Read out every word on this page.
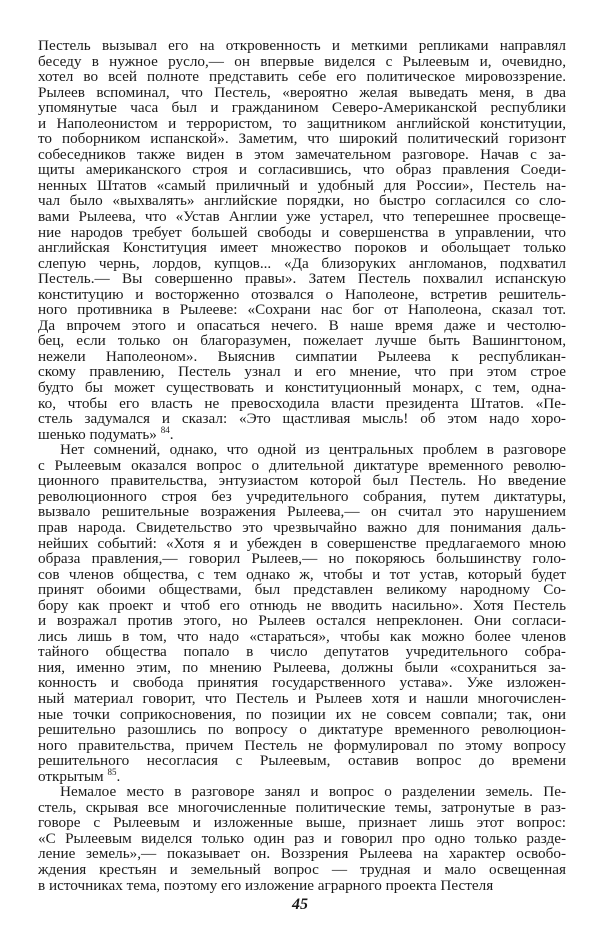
Пестель вызывал его на откровенность и меткими репликами направлял
беседу в нужное русло,— он впервые виделся с Рылеевым и, очевидно,
хотел во всей полноте представить себе его политическое мировоззрение.
Рылеев вспоминал, что Пестель, «вероятно желая выведать меня, в два
упомянутые часа был и гражданином Северо-Американской республики
и Наполеонистом и террористом, то защитником английской конституции,
то поборником испанской». Заметим, что широкий политический горизонт
собеседников также виден в этом замечательном разговоре. Начав с за-
щиты американского строя и согласившись, что образ правления Соеди-
ненных Штатов «самый приличный и удобный для России», Пестель на-
чал было «выхвалять» английские порядки, но быстро согласился со сло-
вами Рылеева, что «Устав Англии уже устарел, что теперешнее просвеще-
ние народов требует большей свободы и совершенства в управлении, что
английская Конституция имеет множество пороков и обольщает только
слепую чернь, лордов, купцов... «Да близоруких англоманов, подхватил
Пестель.— Вы совершенно правы». Затем Пестель похвалил испанскую
конституцию и восторженно отозвался о Наполеоне, встретив решитель-
ного противника в Рылееве: «Сохрани нас бог от Наполеона, сказал тот.
Да впрочем этого и опасаться нечего. В наше время даже и честолю-
бец, если только он благоразумен, пожелает лучше быть Вашингтоном,
нежели Наполеоном». Выяснив симпатии Рылеева к республикан-
скому правлению, Пестель узнал и его мнение, что при этом строе
будто бы может существовать и конституционный монарх, с тем, одна-
ко, чтобы его власть не превосходила власти президента Штатов. «Пе-
стель задумался и сказал: «Это щастливая мысль! об этом надо хоро-
шенько подумать» $^{84}$.
Нет сомнений, однако, что одной из центральных проблем в разговоре
с Рылеевым оказался вопрос о длительной диктатуре временного револю-
ционного правительства, энтузиастом которой был Пестель. Но введение
революционного строя без учредительного собрания, путем диктатуры,
вызвало решительные возражения Рылеева,— он считал это нарушением
прав народа. Свидетельство это чрезвычайно важно для понимания даль-
нейших событий: «Хотя я и убежден в совершенстве предлагаемого мною
образа правления,— говорил Рылеев,— но покоряюсь большинству голо-
сов членов общества, с тем однако ж, чтобы и тот устав, который будет
принят обоими обществами, был представлен великому народному Со-
бору как проект и чтоб его отнюдь не вводить насильно». Хотя Пестель
и возражал против этого, но Рылеев остался непреклонен. Они согласи-
лись лишь в том, что надо «стараться», чтобы как можно более членов
тайного общества попало в число депутатов учредительного собра-
ния, именно этим, по мнению Рылеева, должны были «сохраниться за-
конность и свобода принятия государственного устава». Уже изложен-
ный материал говорит, что Пестель и Рылеев хотя и нашли многочислен-
ные точки соприкосновения, по позиции их не совсем совпали; так, они
решительно разошлись по вопросу о диктатуре временного революцион-
ного правительства, причем Пестель не формулировал по этому вопросу
решительного несогласия с Рылеевым, оставив вопрос до времени
открытым $^{85}$.
Немалое место в разговоре занял и вопрос о разделении земель. Пе-
стель, скрывая все многочисленные политические темы, затронутые в раз-
говоре с Рылеевым и изложенные выше, признает лишь этот вопрос:
«С Рылеевым виделся только один раз и говорил про одно только разде-
ление земель»,— показывает он. Воззрения Рылеева на характер освобо-
ждения крестьян и земельный вопрос — трудная и мало освещенная
в источниках тема, поэтому его изложение аграрного проекта Пестеля
45
